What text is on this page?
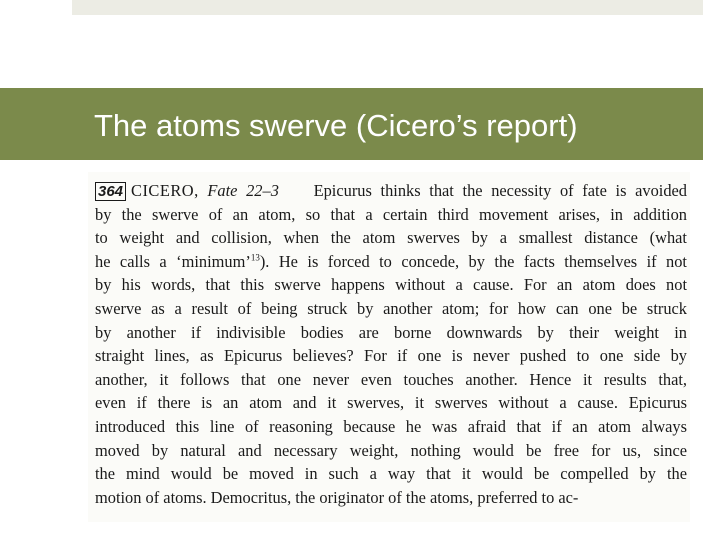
The atoms swerve (Cicero’s report)
364 CICERO, Fate 22–3 Epicurus thinks that the necessity of fate is avoided
by the swerve of an atom, so that a certain third movement arises, in addition
to weight and collision, when the atom swerves by a smallest distance (what
he calls a ‘minimum’$^{13}$). He is forced to concede, by the facts themselves if not
by his words, that this swerve happens without a cause. For an atom does not
swerve as a result of being struck by another atom; for how can one be struck
by another if indivisible bodies are borne downwards by their weight in
straight lines, as Epicurus believes? For if one is never pushed to one side by
another, it follows that one never even touches another. Hence it results that,
even if there is an atom and it swerves, it swerves without a cause. Epicurus
introduced this line of reasoning because he was afraid that if an atom always
moved by natural and necessary weight, nothing would be free for us, since
the mind would be moved in such a way that it would be compelled by the
motion of atoms. Democritus, the originator of the atoms, preferred to ac-
